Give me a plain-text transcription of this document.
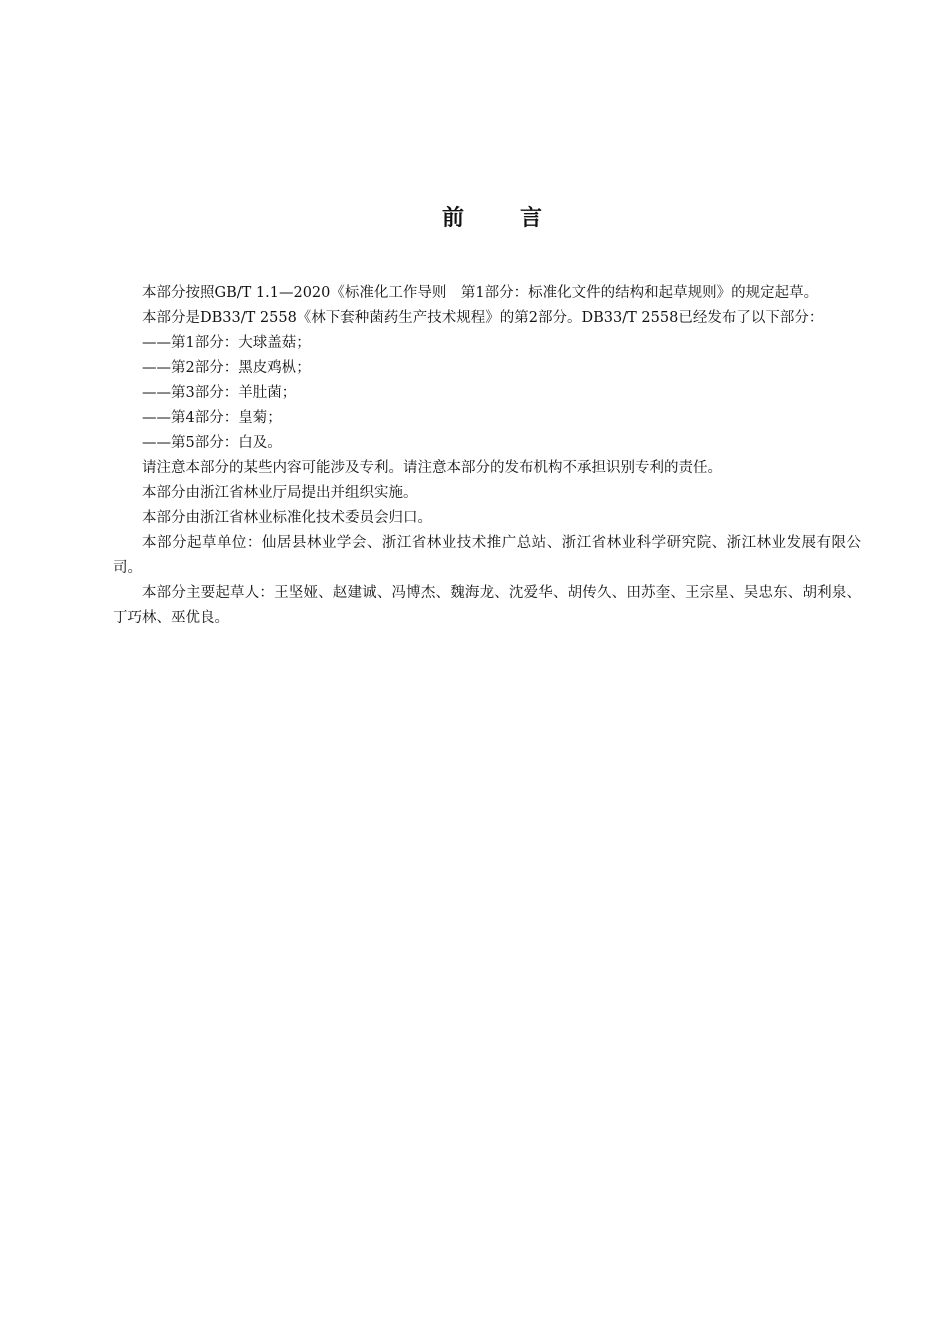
前言

本部分按照GB/T 1.1—2020《标准化工作导则　第1部分：标准化文件的结构和起草规则》的规定起草。

本部分是DB33/T 2558《林下套种菌药生产技术规程》的第2部分。DB33/T 2558已经发布了以下部分：

——第1部分：大球盖菇；

——第2部分：黑皮鸡枞；

——第3部分：羊肚菌；

——第4部分：皇菊；

——第5部分：白及。

请注意本部分的某些内容可能涉及专利。请注意本部分的发布机构不承担识别专利的责任。

本部分由浙江省林业厅局提出并组织实施。

本部分由浙江省林业标准化技术委员会归口。

本部分起草单位：仙居县林业学会、浙江省林业技术推广总站、浙江省林业科学研究院、浙江林业发展有限公司。

本部分主要起草人：王坚娅、赵建诚、冯博杰、魏海龙、沈爱华、胡传久、田苏奎、王宗星、吴忠东、胡利泉、丁巧林、巫优良。
